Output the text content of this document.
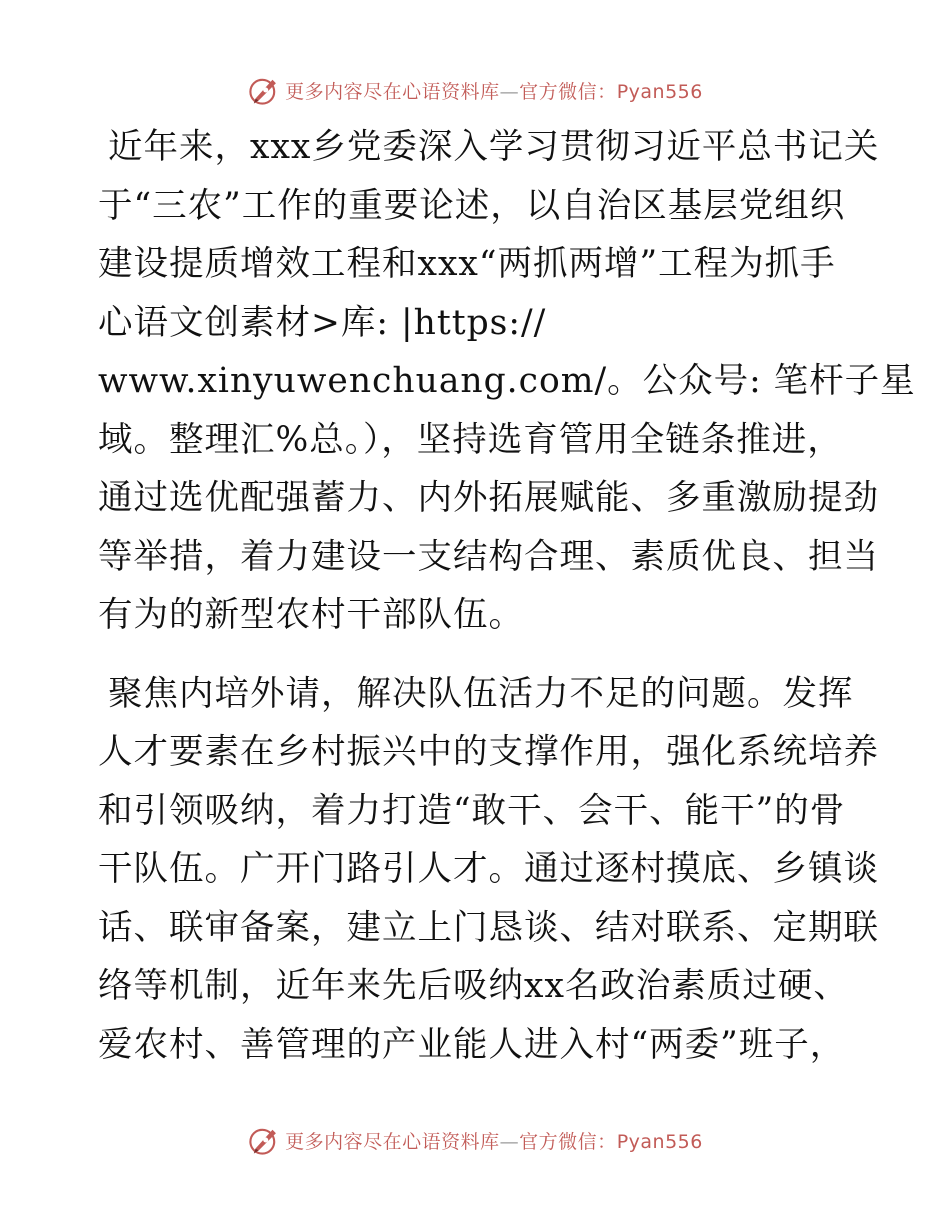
更多内容尽在心语资料库—官方微信：Pyan556
近年来，xxx乡党委深入学习贯彻习近平总书记关
于“三农”工作的重要论述，以自治区基层党组织
建设提质增效工程和xxx“两抓两增”工程为抓手
心语文创素材>库: |https://
www.xinyuwenchuang.com/。公众号: 笔杆子星
域。整理汇%总。），坚持选育管用全链条推进，
通过选优配强蓄力、内外拓展赋能、多重激励提劲
等举措，着力建设一支结构合理、素质优良、担当
有为的新型农村干部队伍。
聚焦内培外请，解决队伍活力不足的问题。发挥
人才要素在乡村振兴中的支撑作用，强化系统培养
和引领吸纳，着力打造“敢干、会干、能干”的骨
干队伍。广开门路引人才。通过逐村摸底、乡镇谈
话、联审备案，建立上门恳谈、结对联系、定期联
络等机制，近年来先后吸纳xx名政治素质过硬、
爱农村、善管理的产业能人进入村“两委”班子，
更多内容尽在心语资料库—官方微信：Pyan556
